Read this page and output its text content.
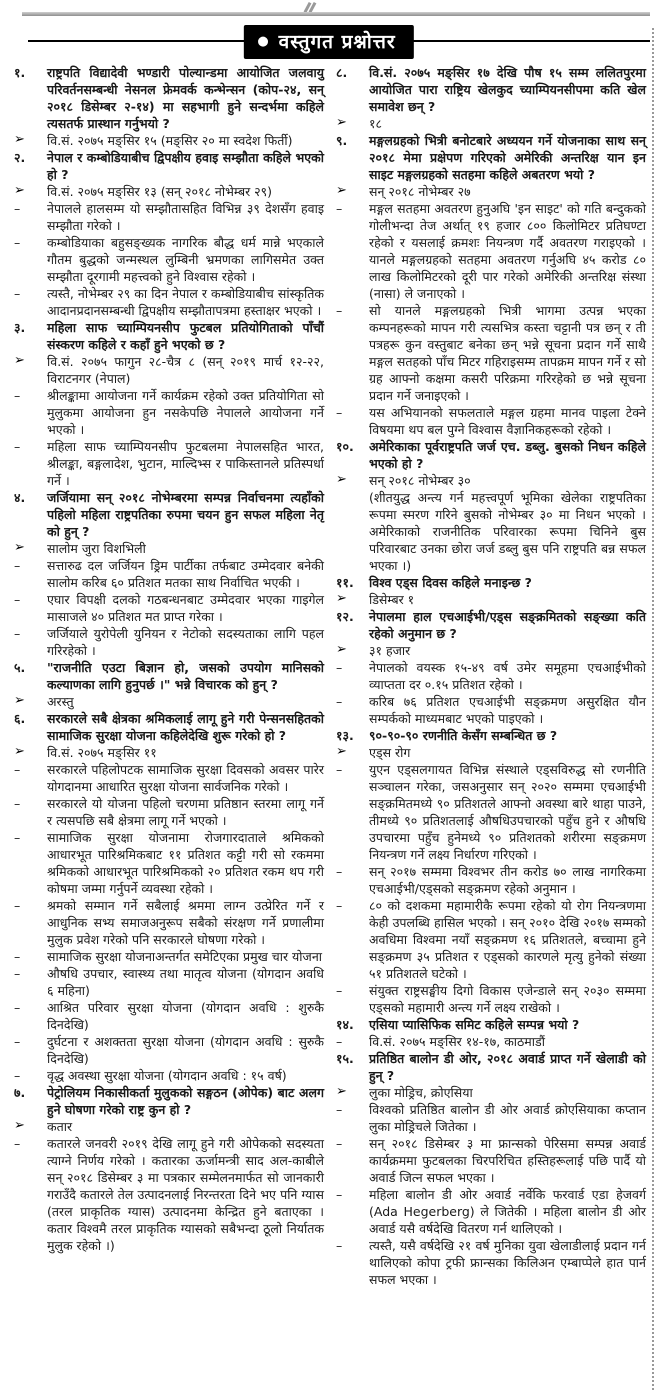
● वस्तुगत प्रश्नोत्तर
१.	राष्ट्रपति विद्यादेवी भण्डारी पोल्यान्डमा आयोजित जलवायु परिवर्तनसम्बन्धी नेसनल फ्रेमवर्क कन्भेन्सन (कोप-२४, सन् २०१८ डिसेम्बर २-१४) मा सहभागी हुने सन्दर्भमा कहिले त्यसतर्फ प्रास्थान गर्नुभयो ?
➢	वि.सं. २०७५ मङ्सिर १५ (मङ्सिर २० मा स्वदेश फिर्ती)
२.	नेपाल र कम्बोडियाबीच द्विपक्षीय हवाइ सम्झौता कहिले भएको हो ?
➢	वि.सं. २०७५ मङ्सिर १३ (सन् २०१८ नोभेम्बर २९)
–	नेपालले हालसम्म यो सम्झौतासहित विभिन्न ३९ देशसँग हवाइ सम्झौता गरेको ।
–	कम्बोडियाका बहुसङ्ख्यक नागरिक बौद्ध धर्म मान्ने भएकाले गौतम बुद्धको जन्मस्थल लुम्बिनी भ्रमणका लागिसमेत उक्त सम्झौता दूरगामी महत्त्वको हुने विश्वास रहेको ।
–	त्यस्तै, नोभेम्बर २९ का दिन नेपाल र कम्बोडियाबीच सांस्कृतिक आदानप्रदानसम्बन्धी द्विपक्षीय सम्झौतापत्रमा हस्ताक्षर भएको ।
३.	महिला साफ च्याम्पियनसीप फुटबल प्रतियोगिताको पाँचौं संस्करण कहिले र कहाँ हुने भएको छ ?
➢	वि.सं. २०७५ फागुन २८-चैत्र ८ (सन् २०१९ मार्च १२-२२, विराटनगर (नेपाल)
–	श्रीलङ्कामा आयोजना गर्ने कार्यक्रम रहेको उक्त प्रतियोगिता सो मुलुकमा आयोजना हुन नसकेपछि नेपालले आयोजना गर्ने भएको ।
–	महिला साफ च्याम्पियनसीप फुटबलमा नेपालसहित भारत, श्रीलङ्का, बङ्गलादेश, भुटान, माल्दिभ्स र पाकिस्तानले प्रतिस्पर्धा गर्ने ।
४.	जर्जियामा सन् २०१८ नोभेम्बरमा सम्पन्न निर्वाचनमा त्यहाँको पहिलो महिला राष्ट्रपतिका रुपमा चयन हुन सफल महिला नेतृ को हुन् ?
➢	सालोम जुरा विशभिली
–	सत्तारुढ दल जर्जियन ड्रिम पार्टीका तर्फबाट उम्मेदवार बनेकी सालोम करिब ६० प्रतिशत मतका साथ निर्वाचित भएकी ।
–	एघार विपक्षी दलको गठबन्धनबाट उम्मेदवार भएका गाइगेल मासाजले ४० प्रतिशत मत प्राप्त गरेका ।
–	जर्जियाले युरोपेली युनियन र नेटोको सदस्यताका लागि पहल गरिरहेको ।
५.	"राजनीति एउटा बिज्ञान हो, जसको उपयोग मानिसको कल्याणका लागि हुनुपर्छ ।" भन्ने विचारक को हुन् ?
➢	अरस्तु
६.	सरकारले सबै क्षेत्रका श्रमिकलाई लागू हुने गरी पेन्सनसहितको सामाजिक सुरक्षा योजना कहिलेदेखि शुरू गरेको हो ?
➢	वि.सं. २०७५ मङ्सिर ११
–	सरकारले पहिलोपटक सामाजिक सुरक्षा दिवसको अवसर पारेर योगदानमा आधारित सुरक्षा योजना सार्वजनिक गरेको ।
–	सरकारले यो योजना पहिलो चरणमा प्रतिष्ठान स्तरमा लागू गर्ने र त्यसपछि सबै क्षेत्रमा लागू गर्ने भएको ।
–	सामाजिक सुरक्षा योजनामा रोजगारदाताले श्रमिकको आधारभूत पारिश्रमिकबाट ११ प्रतिशत कट्टी गरी सो रकममा श्रमिकको आधारभूत पारिश्रमिकको २० प्रतिशत रकम थप गरी कोषमा जम्मा गर्नुपर्ने व्यवस्था रहेको ।
–	श्रमको सम्मान गर्ने सबैलाई श्रममा लाग्न उत्प्रेरित गर्ने र आधुनिक सभ्य समाजअनुरूप सबैको संरक्षण गर्ने प्रणालीमा मुलुक प्रवेश गरेको पनि सरकारले घोषणा गरेको ।
–	सामाजिक सुरक्षा योजनाअन्तर्गत समेटिएका प्रमुख चार योजना
–	औषधि उपचार, स्वास्थ्य तथा मातृत्व योजना (योगदान अवधि ६ महिना)
–	आश्रित परिवार सुरक्षा योजना (योगदान अवधि : शुरुकै दिनदेखि)
–	दुर्घटना र अशक्तता सुरक्षा योजना (योगदान अवधि : सुरुकै दिनदेखि)
–	वृद्ध अवस्था सुरक्षा योजना (योगदान अवधि : १५ वर्ष)
७.	पेट्रोलियम निकासीकर्ता मुलुकको सङ्गठन (ओपेक) बाट अलग हुने घोषणा गरेको राष्ट्र कुन हो ?
➢	कतार
–	कतारले जनवरी २०१९ देखि लागू हुने गरी ओपेकको सदस्यता त्याग्ने निर्णय गरेको । कतारका ऊर्जामन्त्री साद अल-काबीले सन् २०१८ डिसेम्बर ३ मा पत्रकार सम्मेलनमार्फत सो जानकारी गराउँदै कतारले तेल उत्पादनलाई निरन्तरता दिने भए पनि ग्यास (तरल प्राकृतिक ग्यास) उत्पादनमा केन्द्रित हुने बताएका । कतार विश्वमै तरल प्राकृतिक ग्यासको सबैभन्दा ठूलो निर्यातक मुलुक रहेको ।)
८.	वि.सं. २०७५ मङ्सिर १७ देखि पौष १५ सम्म ललितपुरमा आयोजित पारा राष्ट्रिय खेलकुद च्याम्पियनसीपमा कति खेल समावेश छन् ?
➢	१८
९.	मङ्गलग्रहको भित्री बनोटबारे अध्ययन गर्ने योजनाका साथ सन् २०१८ मेमा प्रक्षेपण गरिएको अमेरिकी अन्तरिक्ष यान इन साइट मङ्गलग्रहको सतहमा कहिले अबतरण भयो ?
➢	सन् २०१८ नोभेम्बर २७
–	मङ्गल सतहमा अवतरण हुनुअघि 'इन साइट' को गति बन्दुकको गोलीभन्दा तेज अर्थात् १९ हजार ८०० किलोमिटर प्रतिघण्टा रहेको र यसलाई क्रमशः नियन्त्रण गर्दै अवतरण गराइएको । यानले मङ्गलग्रहको सतहमा अवतरण गर्नुअघि ४५ करोड ८० लाख किलोमिटरको दूरी पार गरेको अमेरिकी अन्तरिक्ष संस्था (नासा) ले जनाएको ।
–	सो यानले मङ्गलग्रहको भित्री भागमा उत्पन्न भएका कम्पनहरूको मापन गरी त्यसभित्र कस्ता चट्टानी पत्र छन् र ती पत्रहरू कुन वस्तुबाट बनेका छन् भन्ने सूचना प्रदान गर्ने साथै मङ्गल सतहको पाँच मिटर गहिराइसम्म तापक्रम मापन गर्ने र सो ग्रह आफ्नो कक्षमा कसरी परिक्रमा गरिरहेको छ भन्ने सूचना प्रदान गर्ने जनाइएको ।
–	यस अभियानको सफलताले मङ्गल ग्रहमा मानव पाइला टेक्ने विषयमा थप बल पुग्ने विश्वास वैज्ञानिकहरूको रहेको ।
१०.	अमेरिकाका पूर्वराष्ट्रपति जर्ज एच. डब्लु. बुसको निधन कहिले भएको हो ?
➢	सन् २०१८ नोभेम्बर ३०
(शीतयुद्ध अन्त्य गर्न महत्त्वपूर्ण भूमिका खेलेका राष्ट्रपतिका रूपमा स्मरण गरिने बुसको नोभेम्बर ३० मा निधन भएको । अमेरिकाको राजनीतिक परिवारका रूपमा चिनिने बुस परिवारबाट उनका छोरा जर्ज डब्लु बुस पनि राष्ट्रपति बन्न सफल भएका ।)
११.	विश्व एड्स दिवस कहिले मनाइन्छ ?
➢	डिसेम्बर १
१२.	नेपालमा हाल एचआईभी/एड्स सङ्क्रमितको सङ्ख्या कति रहेको अनुमान छ ?
➢	३१ हजार
–	नेपालको वयस्क १५-४९ वर्ष उमेर समूहमा एचआईभीको व्याप्तता दर ०.१५ प्रतिशत रहेको ।
–	करिब ७६ प्रतिशत एचआईभी सङ्क्रमण असुरक्षित यौन सम्पर्कको माध्यमबाट भएको पाइएको ।
१३.	९०-९०-९० रणनीति केसँग सम्बन्धित छ ?
➢	एड्स रोग
–	युएन एड्सलगायत विभिन्न संस्थाले एड्सविरुद्ध सो रणनीति सञ्चालन गरेका, जसअनुसार सन् २०२० सम्ममा एचआईभी सङ्क्रमितमध्ये ९० प्रतिशतले आफ्नो अवस्था बारे थाहा पाउने, तीमध्ये ९० प्रतिशतलाई औषधिउपचारको पहुँच हुने र औषधि उपचारमा पहुँच हुनेमध्ये ९० प्रतिशतको शरीरमा सङ्क्रमण नियन्त्रण गर्ने लक्ष्य निर्धारण गरिएको ।
–	सन् २०१७ सम्ममा विश्वभर तीन करोड ७० लाख नागरिकमा एचआईभी/एड्सको सङ्क्रमण रहेको अनुमान ।
–	८० को दशकमा महामारीकै रूपमा रहेको यो रोग नियन्त्रणमा केही उपलब्धि हासिल भएको । सन् २०१० देखि २०१७ सम्मको अवधिमा विश्वमा नयाँ सङ्क्रमण १६ प्रतिशतले, बच्चामा हुने सङ्क्रमण ३५ प्रतिशत र एड्सको कारणले मृत्यु हुनेको संख्या ५१ प्रतिशतले घटेको ।
–	संयुक्त राष्ट्रसङ्घीय दिगो विकास एजेन्डाले सन् २०३० सम्ममा एड्सको महामारी अन्त्य गर्ने लक्ष्य राखेको ।
१४.	एसिया प्यासिफिक समिट कहिले सम्पन्न भयो ?
–	वि.सं. २०७५ मङ्सिर १४-१७, काठमाडौं
१५.	प्रतिष्ठित बालोन डी ओर, २०१८ अवार्ड प्राप्त गर्ने खेलाडी को हुन् ?
➢	लुका मोड्रिच, क्रोएसिया
–	विश्वको प्रतिष्ठित बालोन डी ओर अवार्ड क्रोएसियाका कप्तान लुका मोड्रिचले जितेका ।
–	सन् २०१८ डिसेम्बर ३ मा फ्रान्सको पेरिसमा सम्पन्न अवार्ड कार्यक्रममा फुटबलका चिरपरिचित हस्तिहरूलाई पछि पार्दै यो अवार्ड जित्न सफल भएका ।
–	महिला बालोन डी ओर अवार्ड नर्वेकि फरवार्ड एडा हेजवर्ग (Ada Hegerberg) ले जितेकी । महिला बालोन डी ओर अवार्ड यसै वर्षदेखि वितरण गर्न थालिएको ।
–	त्यस्तै, यसै वर्षदेखि २१ वर्ष मुनिका युवा खेलाडीलाई प्रदान गर्न थालिएको कोपा ट्रफी फ्रान्सका किलिअन एम्बाप्पेले हात पार्न सफल भएका ।
